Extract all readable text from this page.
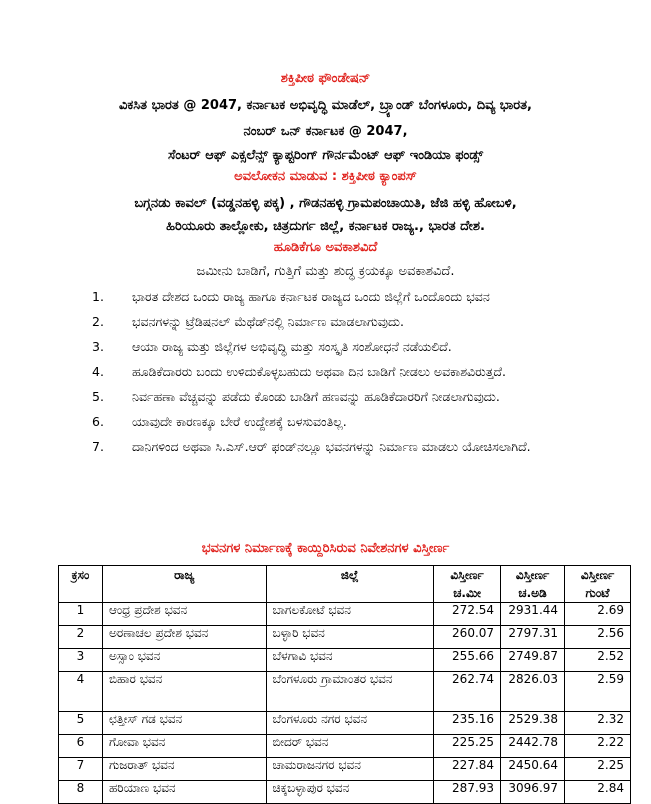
ಶಕ್ತಿಪೀಠ ಫೌಂಡೇಷನ್
ವಿಕಸಿತ ಭಾರತ @ 2047, ಕರ್ನಾಟಕ ಅಭಿವೃದ್ಧಿ ಮಾಡೆಲ್, ಬ್ರ್ಯಾಂಡ್ ಬೆಂಗಳೂರು, ದಿವ್ಯ ಭಾರತ,
ನಂಬರ್ ಒನ್ ಕರ್ನಾಟಕ @ 2047,
ಸೆಂಟರ್ ಆಫ್ ಎಕ್ಸಲೆನ್ಸ್ ಕ್ಯಾಪ್ಟರಿಂಗ್ ಗೌರ್ನಮೆಂಟ್ ಆಫ್ ಇಂಡಿಯಾ ಫಂಡ್ಸ್
ಅವಲೋಕನ ಮಾಡುವ : ಶಕ್ತಿಪೀಠ ಕ್ಯಾಂಪಸ್
ಬಗ್ಗನಡು ಕಾವಲ್ (ವಡ್ಡನಹಳ್ಳಿ ಪಕ್ಕ) , ಗೌಡನಹಳ್ಳಿ ಗ್ರಾಮಪಂಚಾಯಿತಿ, ಜೆಜಿ ಹಳ್ಳಿ ಹೋಬಳಿ,
ಹಿರಿಯೂರು ತಾಲ್ಲೋಕು, ಚಿತ್ರದುರ್ಗ ಜಿಲ್ಲೆ, ಕರ್ನಾಟಕ ರಾಜ್ಯ., ಭಾರತ ದೇಶ.
ಹೂಡಿಕೆಗೂ ಅವಕಾಶವಿದೆ
ಜಮೀನು ಬಾಡಿಗೆ, ಗುತ್ತಿಗೆ ಮತ್ತು ಶುದ್ಧ ಕ್ರಯಕ್ಕೂ ಅವಕಾಶವಿದೆ.
1.	ಭಾರತ ದೇಶದ ಒಂದು ರಾಜ್ಯ ಹಾಗೂ ಕರ್ನಾಟಕ ರಾಜ್ಯದ ಒಂದು ಜಿಲ್ಲೆಗೆ ಒಂದೊಂದು ಭವನ
2.	ಭವನಗಳನ್ನು ಟ್ರೆಡಿಷನಲ್ ಮೆಥೆಡ್‌ನಲ್ಲಿ ನಿರ್ಮಾಣ ಮಾಡಲಾಗುವುದು.
3.	ಆಯಾ ರಾಜ್ಯ ಮತ್ತು ಜಿಲ್ಲೆಗಳ ಅಭಿವೃದ್ಧಿ ಮತ್ತು ಸಂಸ್ಕೃತಿ ಸಂಶೋಧನೆ ನಡೆಯಲಿದೆ.
4.	ಹೂಡಿಕೆದಾರರು ಬಂದು ಉಳಿದುಕೊಳ್ಳಬಹುದು ಅಥವಾ ದಿನ ಬಾಡಿಗೆ ನೀಡಲು ಅವಕಾಶವಿರುತ್ತದೆ.
5.	ನಿರ್ವಹಣಾ ವೆಚ್ಚವನ್ನು ಪಡೆದು ಕೊಂಡು ಬಾಡಿಗೆ ಹಣವನ್ನು ಹೂಡಿಕೆದಾರರಿಗೆ ನೀಡಲಾಗುವುದು.
6.	ಯಾವುದೇ ಕಾರಣಕ್ಕೂ ಬೇರೆ ಉದ್ದೇಶಕ್ಕೆ ಬಳಸುವಂತಿಲ್ಲ.
7.	ದಾನಿಗಳಿಂದ ಅಥವಾ ಸಿ.ಎಸ್.ಆರ್ ಫಂಡ್‌ನಲ್ಲೂ ಭವನಗಳನ್ನು ನಿರ್ಮಾಣ ಮಾಡಲು ಯೋಚಿಸಲಾಗಿದೆ.
ಭವನಗಳ ನಿರ್ಮಾಣಕ್ಕೆ ಕಾಯ್ದಿರಿಸಿರುವ ನಿವೇಶನಗಳ ವಿಸ್ತೀರ್ಣ
ಕ್ರಸಂ	ರಾಜ್ಯ	ಜಿಲ್ಲೆ	ವಿಸ್ತೀರ್ಣ ಚ.ಮೀ	ವಿಸ್ತೀರ್ಣ ಚ.ಅಡಿ	ವಿಸ್ತೀರ್ಣ ಗುಂಟೆ
1	ಆಂಧ್ರ ಪ್ರದೇಶ ಭವನ	ಬಾಗಲಕೋಟೆ ಭವನ	272.54	2931.44	2.69
2	ಅರಣಾಚಲ ಪ್ರದೇಶ ಭವನ	ಬಳ್ಳಾರಿ ಭವನ	260.07	2797.31	2.56
3	ಅಸ್ಸಾಂ ಭವನ	ಬೆಳಗಾವಿ ಭವನ	255.66	2749.87	2.52
4	ಬಿಹಾರ ಭವನ	ಬೆಂಗಳೂರು ಗ್ರಾಮಾಂತರ ಭವನ	262.74	2826.03	2.59
5	ಛತ್ತೀಸ್ ಗಡ ಭವನ	ಬೆಂಗಳೂರು ನಗರ ಭವನ	235.16	2529.38	2.32
6	ಗೋವಾ ಭವನ	ಬೀದರ್ ಭವನ	225.25	2442.78	2.22
7	ಗುಜರಾತ್ ಭವನ	ಚಾಮರಾಜನಗರ ಭವನ	227.84	2450.64	2.25
8	ಹರಿಯಾಣ ಭವನ	ಚಿಕ್ಕಬಳ್ಳಾಪುರ ಭವನ	287.93	3096.97	2.84
